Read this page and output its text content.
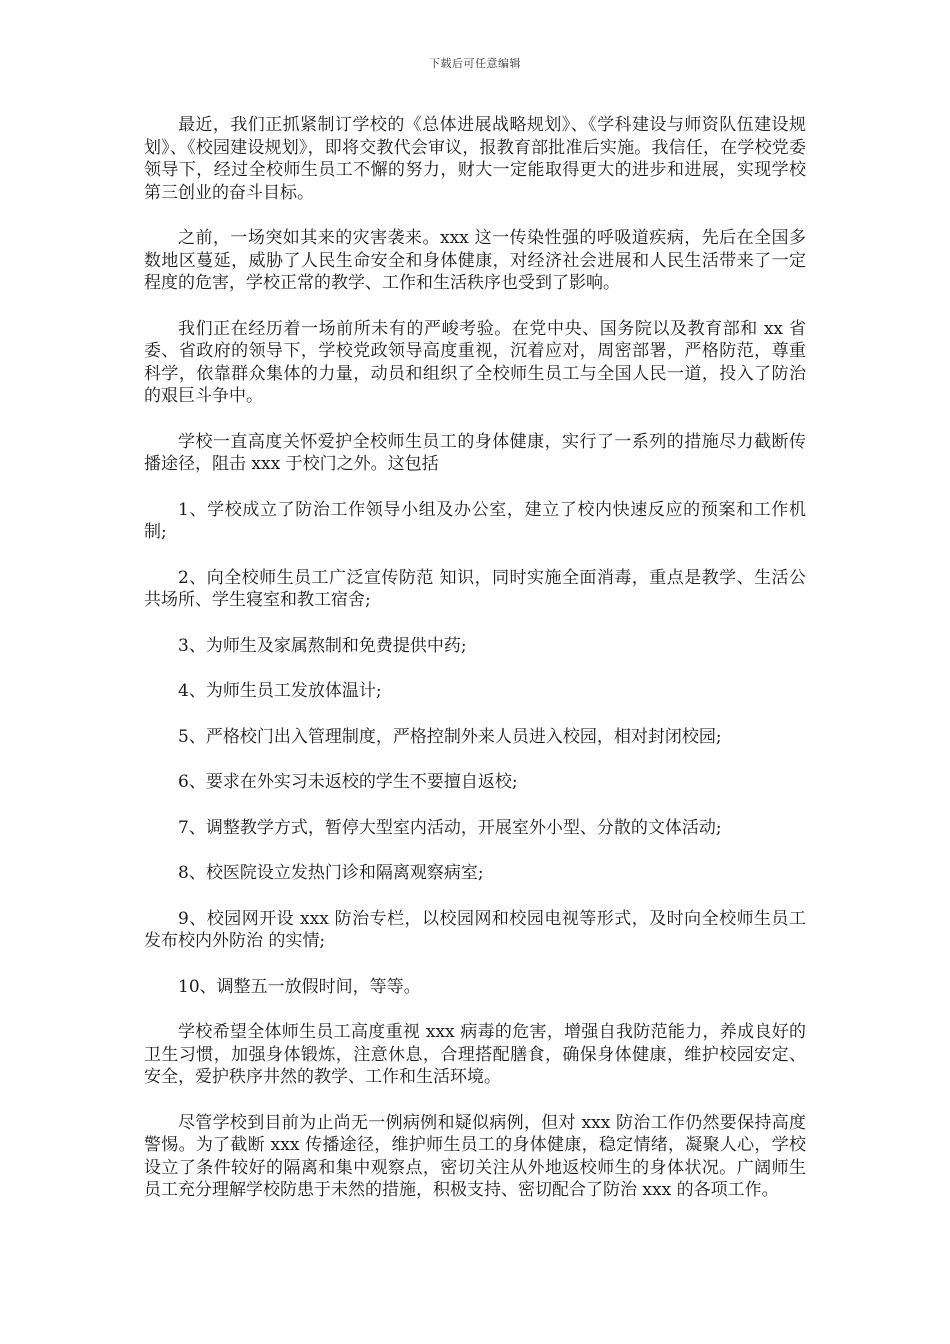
下载后可任意编辑

最近，我们正抓紧制订学校的《总体进展战略规划》、《学科建设与师资队伍建设规划》、《校园建设规划》，即将交教代会审议，报教育部批准后实施。我信任，在学校党委领导下，经过全校师生员工不懈的努力，财大一定能取得更大的进步和进展，实现学校第三创业的奋斗目标。

之前，一场突如其来的灾害袭来。xxx 这一传染性强的呼吸道疾病，先后在全国多数地区蔓延，威胁了人民生命安全和身体健康，对经济社会进展和人民生活带来了一定程度的危害，学校正常的教学、工作和生活秩序也受到了影响。

我们正在经历着一场前所未有的严峻考验。在党中央、国务院以及教育部和 xx 省委、省政府的领导下，学校党政领导高度重视，沉着应对，周密部署，严格防范，尊重科学，依靠群众集体的力量，动员和组织了全校师生员工与全国人民一道，投入了防治 的艰巨斗争中。

学校一直高度关怀爱护全校师生员工的身体健康，实行了一系列的措施尽力截断传播途径，阻击 xxx 于校门之外。这包括

1、学校成立了防治工作领导小组及办公室，建立了校内快速反应的预案和工作机制;

2、向全校师生员工广泛宣传防范 知识，同时实施全面消毒，重点是教学、生活公共场所、学生寝室和教工宿舍;

3、为师生及家属熬制和免费提供中药;

4、为师生员工发放体温计;

5、严格校门出入管理制度，严格控制外来人员进入校园，相对封闭校园;

6、要求在外实习未返校的学生不要擅自返校;

7、调整教学方式，暂停大型室内活动，开展室外小型、分散的文体活动;

8、校医院设立发热门诊和隔离观察病室;

9、校园网开设 xxx 防治专栏，以校园网和校园电视等形式，及时向全校师生员工发布校内外防治 的实情;

10、调整五一放假时间，等等。

学校希望全体师生员工高度重视 xxx 病毒的危害，增强自我防范能力，养成良好的卫生习惯，加强身体锻炼，注意休息，合理搭配膳食，确保身体健康，维护校园安定、安全，爱护秩序井然的教学、工作和生活环境。

尽管学校到目前为止尚无一例病例和疑似病例，但对 xxx 防治工作仍然要保持高度警惕。为了截断 xxx 传播途径，维护师生员工的身体健康，稳定情绪，凝聚人心，学校设立了条件较好的隔离和集中观察点，密切关注从外地返校师生的身体状况。广阔师生员工充分理解学校防患于未然的措施，积极支持、密切配合了防治 xxx 的各项工作。
